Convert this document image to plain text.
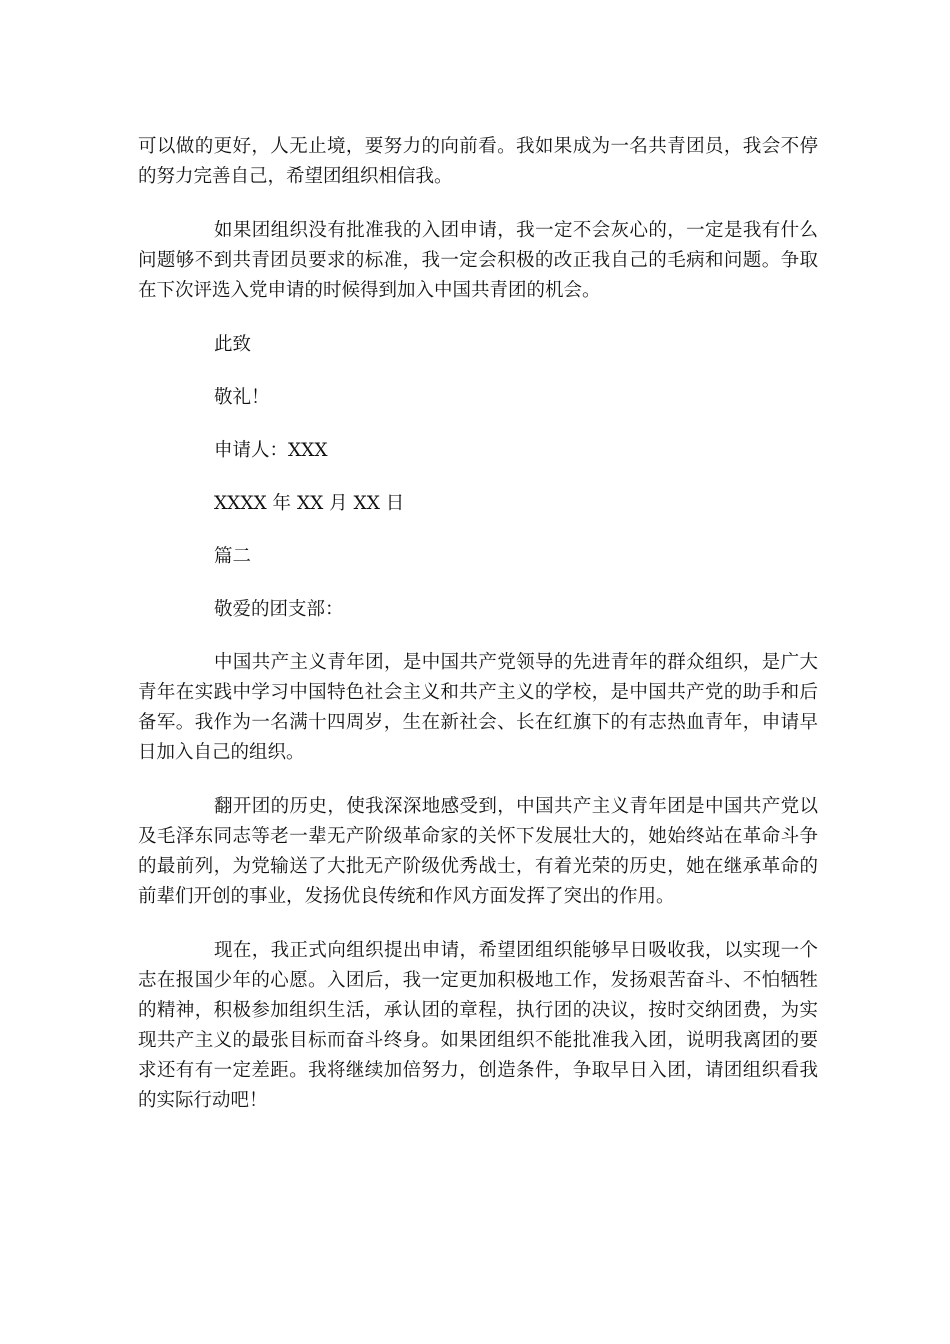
可以做的更好，人无止境，要努力的向前看。我如果成为一名共青团员，我会不停的努力完善自己，希望团组织相信我。

如果团组织没有批准我的入团申请，我一定不会灰心的，一定是我有什么问题够不到共青团员要求的标准，我一定会积极的改正我自己的毛病和问题。争取在下次评选入党申请的时候得到加入中国共青团的机会。

此致

敬礼！

申请人：XXX

XXXX 年 XX 月 XX 日

篇二

敬爱的团支部：

中国共产主义青年团，是中国共产党领导的先进青年的群众组织，是广大青年在实践中学习中国特色社会主义和共产主义的学校，是中国共产党的助手和后备军。我作为一名满十四周岁，生在新社会、长在红旗下的有志热血青年，申请早日加入自己的组织。

翻开团的历史，使我深深地感受到，中国共产主义青年团是中国共产党以及毛泽东同志等老一辈无产阶级革命家的关怀下发展壮大的，她始终站在革命斗争的最前列，为党输送了大批无产阶级优秀战士，有着光荣的历史，她在继承革命的前辈们开创的事业，发扬优良传统和作风方面发挥了突出的作用。

现在，我正式向组织提出申请，希望团组织能够早日吸收我，以实现一个志在报国少年的心愿。入团后，我一定更加积极地工作，发扬艰苦奋斗、不怕牺牲的精神，积极参加组织生活，承认团的章程，执行团的决议，按时交纳团费，为实现共产主义的最张目标而奋斗终身。如果团组织不能批准我入团，说明我离团的要求还有有一定差距。我将继续加倍努力，创造条件，争取早日入团，请团组织看我的实际行动吧！
